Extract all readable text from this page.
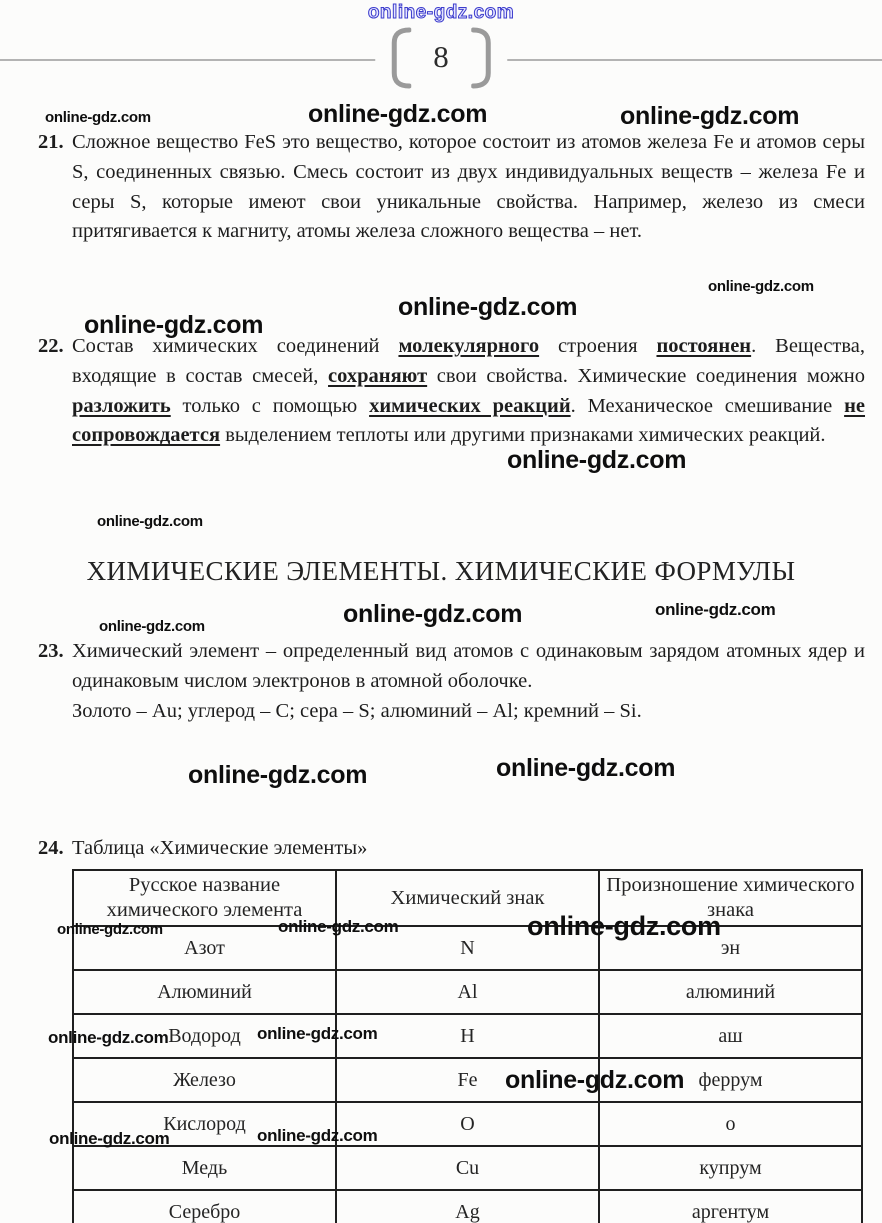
online-gdz.com
8
online-gdz.com	online-gdz.com	online-gdz.com
online-gdz.com
online-gdz.com
online-gdz.com
online-gdz.com
online-gdz.com
online-gdz.com	online-gdz.com
online-gdz.com
online-gdz.com	online-gdz.com
online-gdz.com	online-gdz.com	online-gdz.com
online-gdz.com	online-gdz.com
online-gdz.com
online-gdz.com	online-gdz.com
21. Сложное вещество FeS это вещество, которое состоит из атомов железа Fe и атомов серы S, соединенных связью. Смесь состоит из двух индивидуальных веществ – железа Fe и серы S, которые имеют свои уникальные свойства. Например, железо из смеси притягивается к магниту, атомы железа сложного вещества – нет.
22. Состав химических соединений молекулярного строения постоянен. Вещества, входящие в состав смесей, сохраняют свои свойства. Химические соединения можно разложить только с помощью химических реакций. Механическое смешивание не сопровождается выделением теплоты или другими признаками химических реакций.
ХИМИЧЕСКИЕ ЭЛЕМЕНТЫ. ХИМИЧЕСКИЕ ФОРМУЛЫ
23. Химический элемент – определенный вид атомов с одинаковым зарядом атомных ядер и одинаковым числом электронов в атомной оболочке.
Золото – Au; углерод – C; сера – S; алюминий – Al; кремний – Si.
24. Таблица «Химические элементы»
Русское название химического элемента	Химический знак	Произношение химического знака
Азот	N	эн
Алюминий	Al	алюминий
Водород	H	аш
Железо	Fe	феррум
Кислород	O	о
Медь	Cu	купрум
Серебро	Ag	аргентум
